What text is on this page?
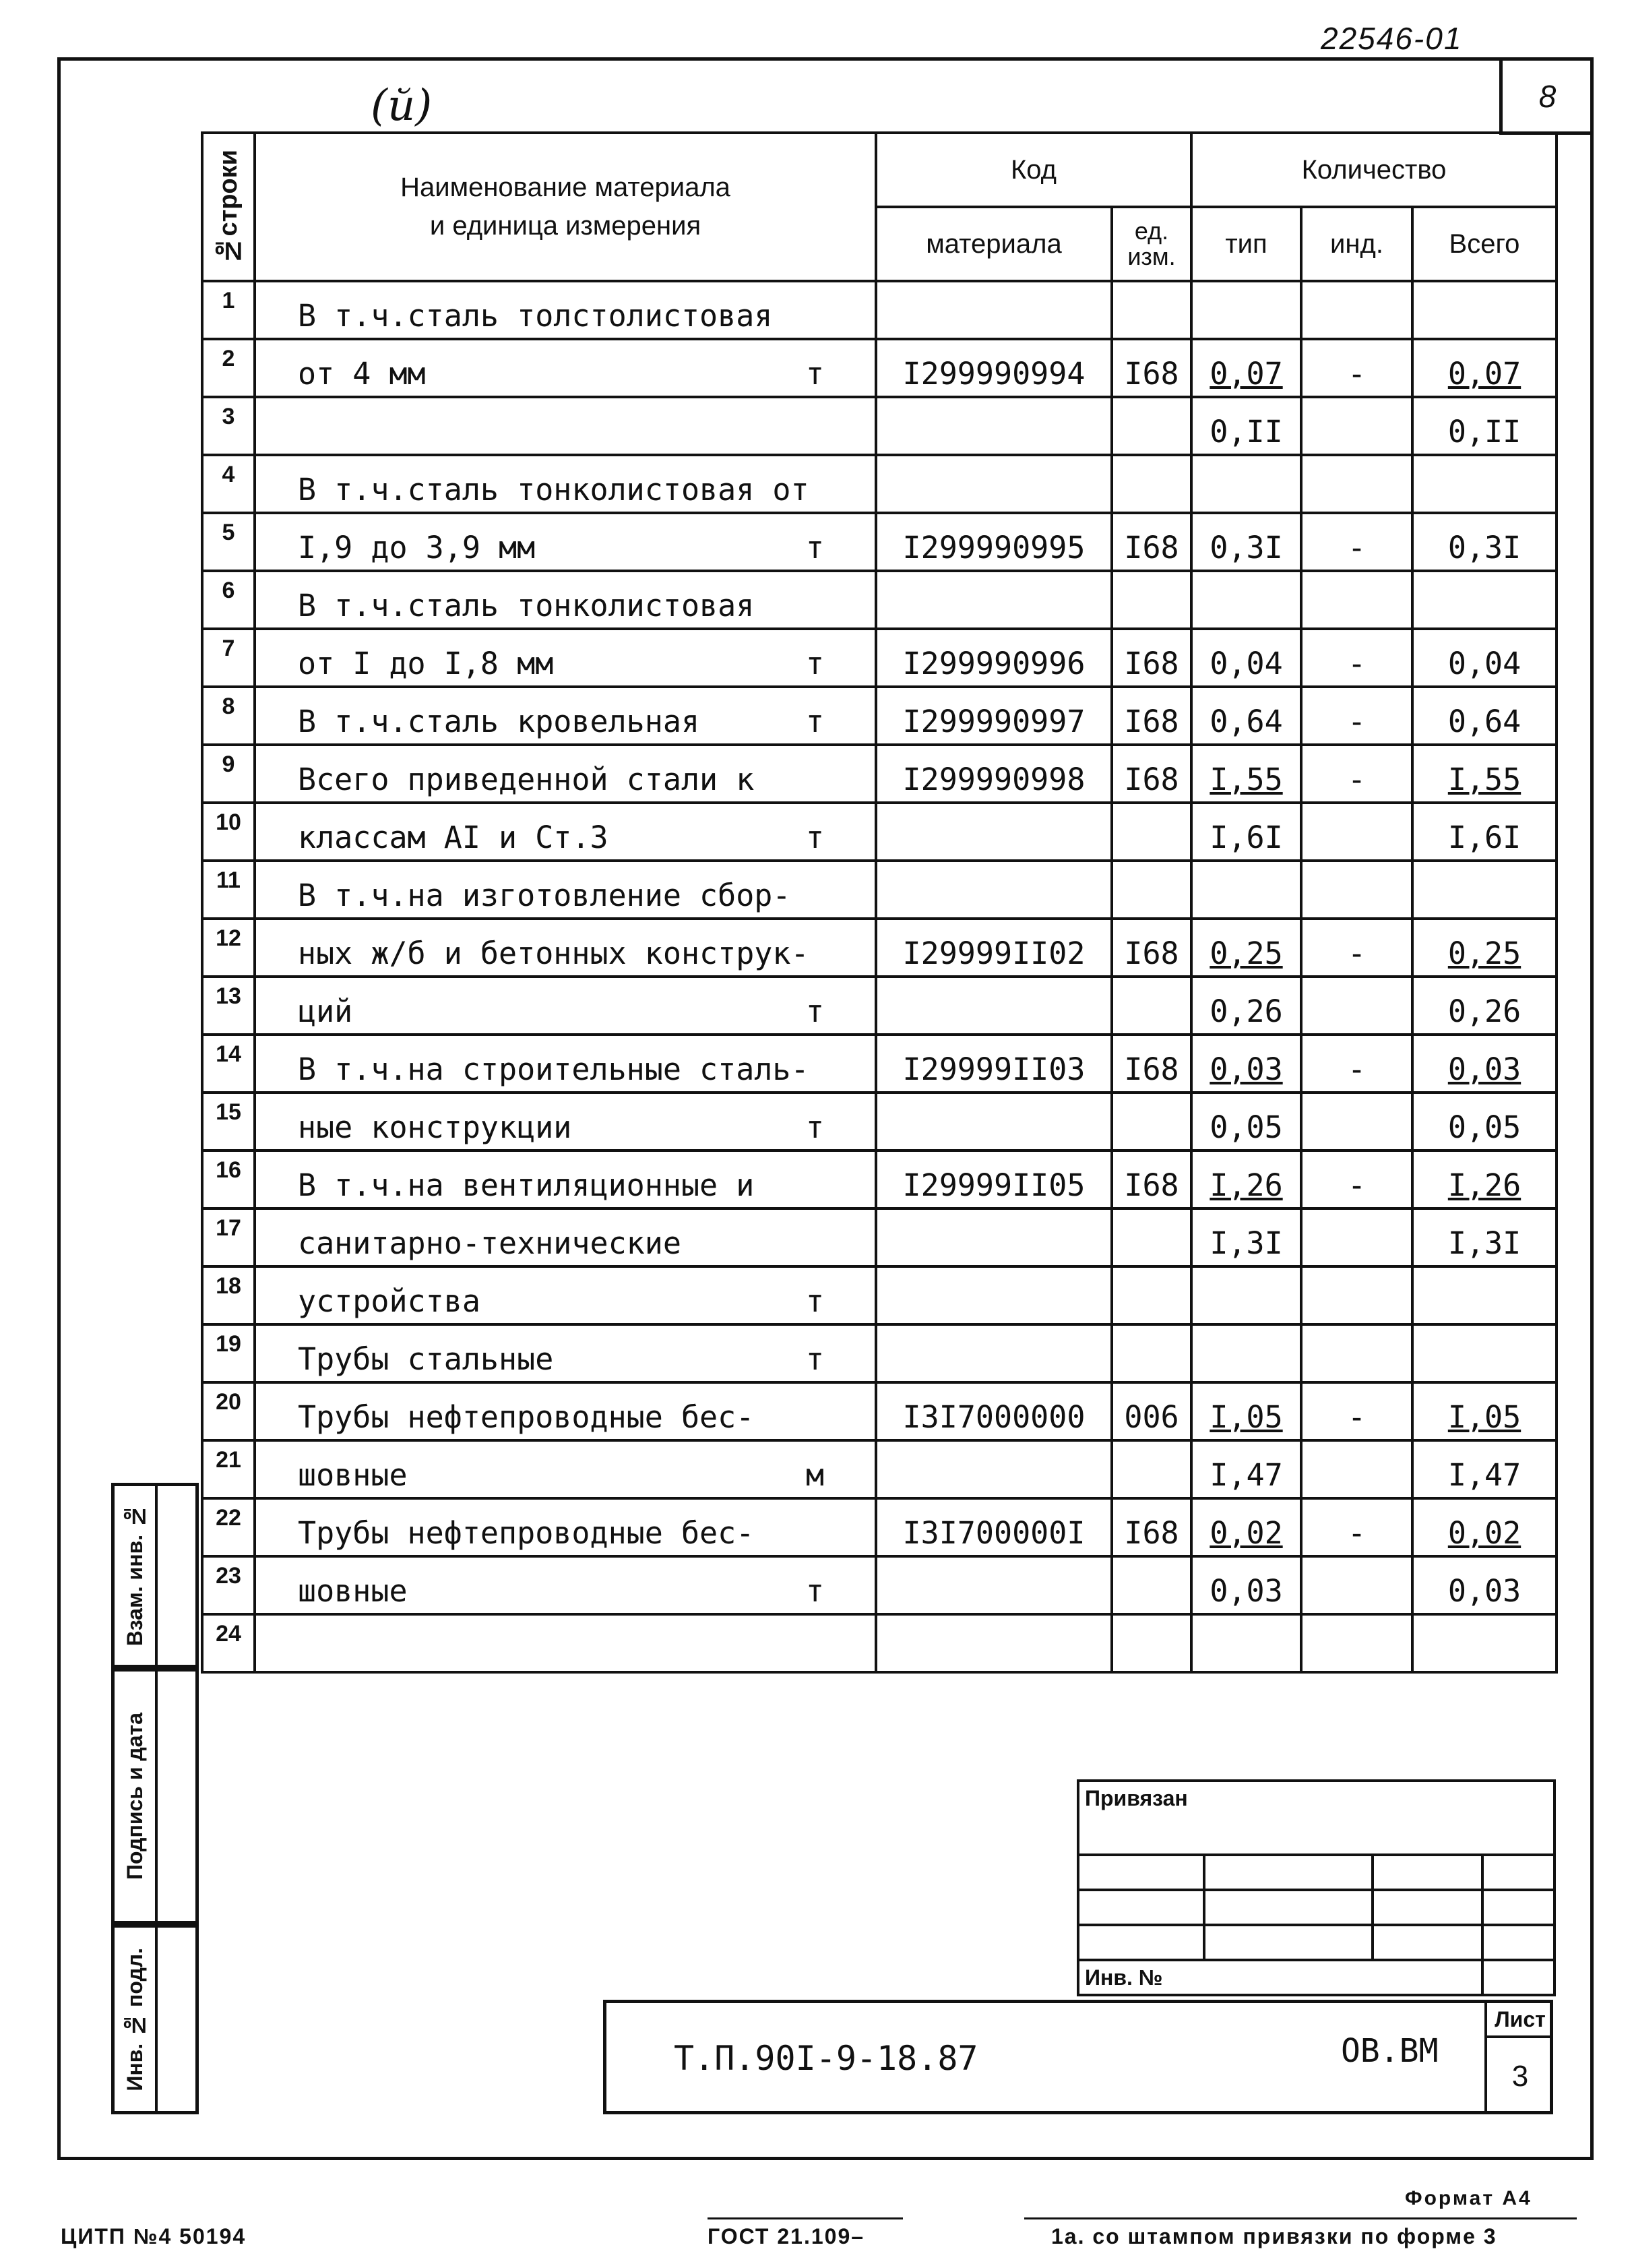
22546-01
8
(й)
№строки	Наименование материала
и единица измерения	Код		Количество		
		материала	ед. изм.	тип	инд.	Всего
1	В т.ч.сталь толстолистовая

2	от 4 мм т	I299990994	I68	0,07	-	0,07
3				0,II		0,II
4	В т.ч.сталь тонколистовая от

5	I,9 до 3,9 мм т	I299990995	I68	0,3I	-	0,3I
6	В т.ч.сталь тонколистовая

7	от I до I,8 мм т	I299990996	I68	0,04	-	0,04
8	В т.ч.сталь кровельная т	I299990997	I68	0,64	-	0,64
9	Всего приведенной стали к	I299990998	I68	I,55	-	I,55
10	классам АI и Ст.3 т			I,6I		I,6I
11	В т.ч.на изготовление сбор-

12	ных ж/б и бетонных конструк-	I29999II02	I68	0,25	-	0,25
13	ций т			0,26		0,26
14	В т.ч.на строительные сталь-	I29999II03	I68	0,03	-	0,03
15	ные конструкции т			0,05		0,05
16	В т.ч.на вентиляционные и	I29999II05	I68	I,26	-	I,26
17	санитарно-технические			I,3I		I,3I
18	устройства т					

19	Трубы стальные т					

20	Трубы нефтепроводные бес-	I3I7000000	006	I,05	-	I,05
21	шовные м			I,47		I,47
22	Трубы нефтепроводные бес-	I3I700000I	I68	0,02	-	0,02
23	шовные т			0,03		0,03
24	

Взам. инв. №
Подпись и дата
Инв. № подл.
Привязан			

Инв. №			
Т.П.90I-9-18.87	ОВ.ВМ
Лист
3
Формат А4
ЦИТП №4 50194	ГОСТ 21.109–	1а. со штампом привязки по форме 3
